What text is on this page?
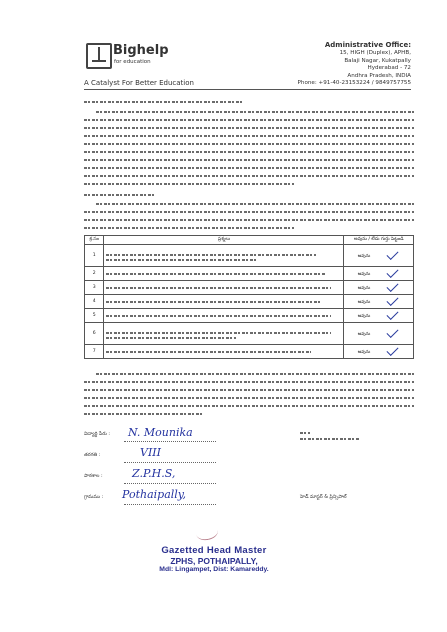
Bighelp
for education
A Catalyst For Better Education
Administrative Office:
15, HIGH (Duplex), APHB,
Balaji Nagar, Kukatpally
Hyderabad - 72
Andhra Pradesh, INDIA
Phone: +91-40-23153224 / 9849757755
క్ర.సం	ప్రశ్నలు	అవును / లేదు గుర్తు పెట్టండి
1		అవును
2		అవును
3		అవును
4		అవును
5		అవును
6		అవును
7		అవును
విద్యార్థి పేరు : N. Mounika
తరగతి :	VIII
పాఠశాల :	Z.P.H.S,
గ్రామము : Pothaipally,	హెడ్ మాస్టర్ & ప్రిన్సిపాల్
Gazetted Head Master
ZPHS, POTHAIPALLY,
Mdl: Lingampet, Dist: Kamareddy.
